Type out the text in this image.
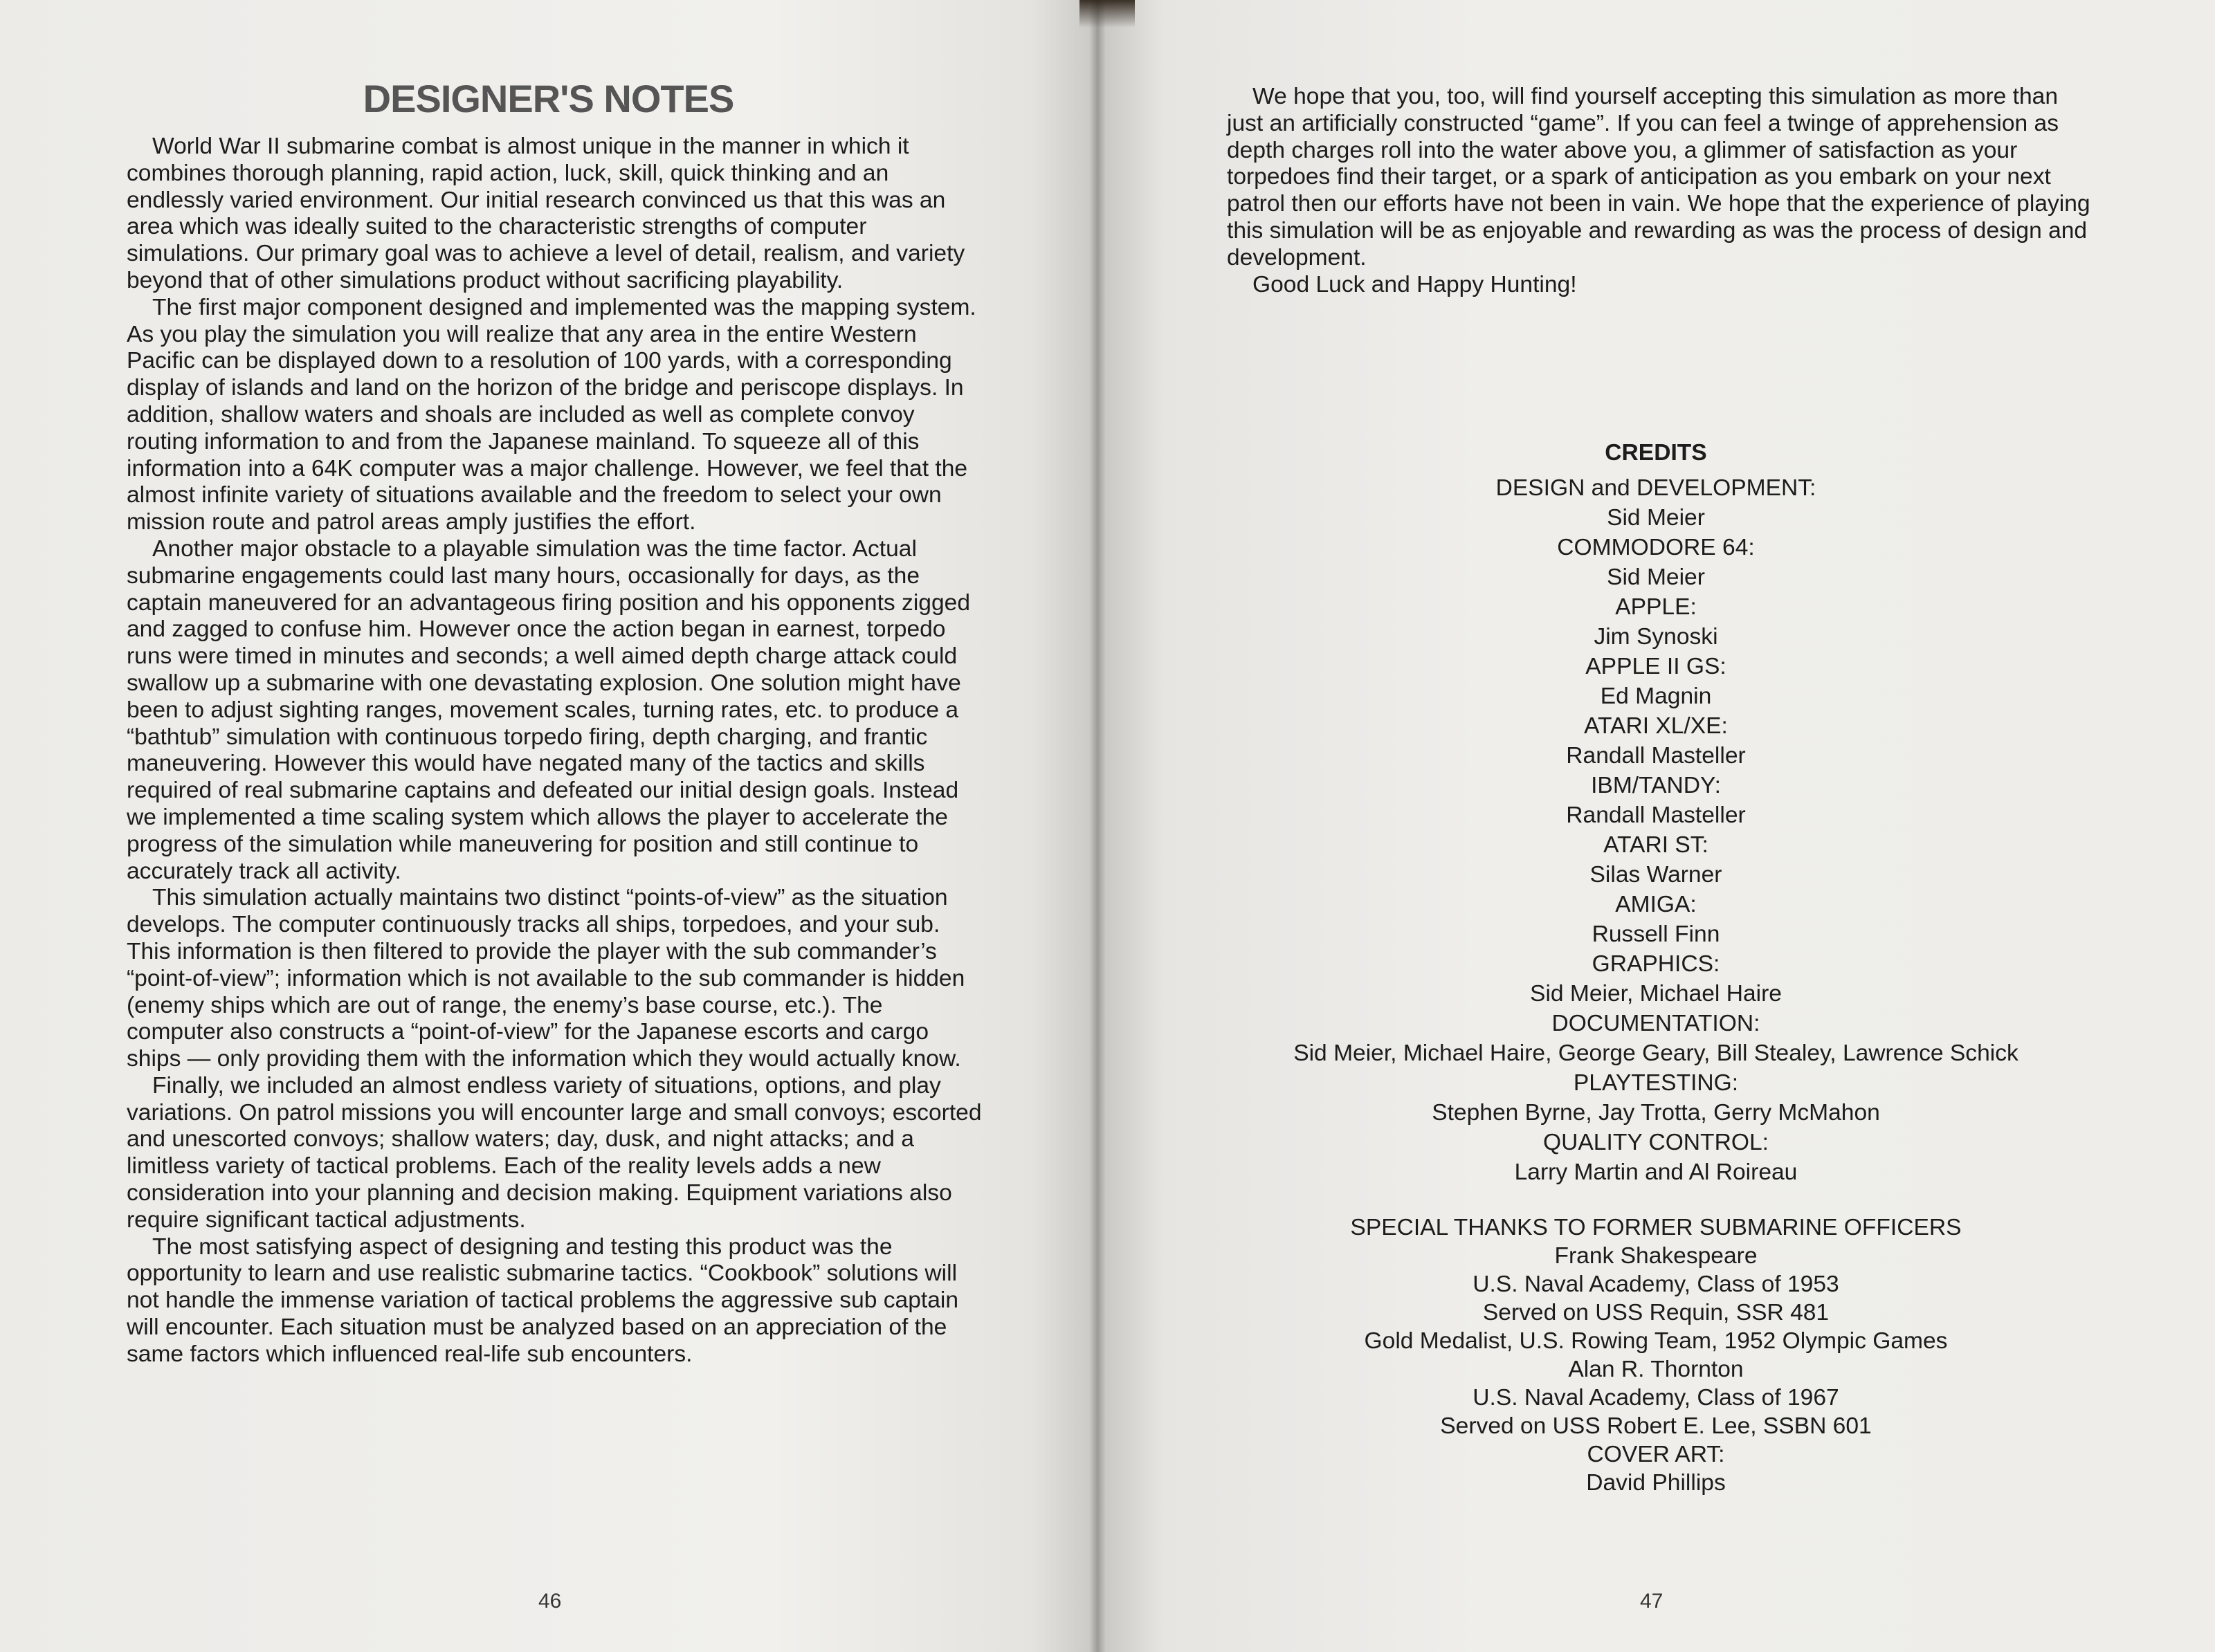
DESIGNER'S NOTES

World War II submarine combat is almost unique in the manner in which it combines thorough planning, rapid action, luck, skill, quick thinking and an endlessly varied environment. Our initial research convinced us that this was an area which was ideally suited to the characteristic strengths of computer simulations. Our primary goal was to achieve a level of detail, realism, and variety beyond that of other simulations product without sacrificing playability.

The first major component designed and implemented was the mapping system. As you play the simulation you will realize that any area in the entire Western Pacific can be displayed down to a resolution of 100 yards, with a corresponding display of islands and land on the horizon of the bridge and periscope displays. In addition, shallow waters and shoals are included as well as complete convoy routing information to and from the Japanese mainland. To squeeze all of this information into a 64K computer was a major challenge. However, we feel that the almost infinite variety of situations available and the freedom to select your own mission route and patrol areas amply justifies the effort.

Another major obstacle to a playable simulation was the time factor. Actual submarine engagements could last many hours, occasionally for days, as the captain maneuvered for an advantageous firing position and his opponents zigged and zagged to confuse him. However once the action began in earnest, torpedo runs were timed in minutes and seconds; a well aimed depth charge attack could swallow up a submarine with one devastating explosion. One solution might have been to adjust sighting ranges, movement scales, turning rates, etc. to produce a “bathtub” simulation with continuous torpedo firing, depth charging, and frantic maneuvering. However this would have negated many of the tactics and skills required of real submarine captains and defeated our initial design goals. Instead we implemented a time scaling system which allows the player to accelerate the progress of the simulation while maneuvering for position and still continue to accurately track all activity.

This simulation actually maintains two distinct “points-of-view” as the situation develops. The computer continuously tracks all ships, torpedoes, and your sub. This information is then filtered to provide the player with the sub commander’s “point-of-view”; information which is not available to the sub commander is hidden (enemy ships which are out of range, the enemy’s base course, etc.). The computer also constructs a “point-of-view” for the Japanese escorts and cargo ships — only providing them with the information which they would actually know.

Finally, we included an almost endless variety of situations, options, and play variations. On patrol missions you will encounter large and small convoys; escorted and unescorted convoys; shallow waters; day, dusk, and night attacks; and a limitless variety of tactical problems. Each of the reality levels adds a new consideration into your planning and decision making. Equipment variations also require significant tactical adjustments.

The most satisfying aspect of designing and testing this product was the opportunity to learn and use realistic submarine tactics. “Cookbook” solutions will not handle the immense variation of tactical problems the aggressive sub captain will encounter. Each situation must be analyzed based on an appreciation of the same factors which influenced real-life sub encounters.

We hope that you, too, will find yourself accepting this simulation as more than just an artificially constructed “game”. If you can feel a twinge of apprehension as depth charges roll into the water above you, a glimmer of satisfaction as your torpedoes find their target, or a spark of anticipation as you embark on your next patrol then our efforts have not been in vain. We hope that the experience of playing this simulation will be as enjoyable and rewarding as was the process of design and development.

Good Luck and Happy Hunting!

CREDITS
DESIGN and DEVELOPMENT:
Sid Meier
COMMODORE 64:
Sid Meier
APPLE:
Jim Synoski
APPLE II GS:
Ed Magnin
ATARI XL/XE:
Randall Masteller
IBM/TANDY:
Randall Masteller
ATARI ST:
Silas Warner
AMIGA:
Russell Finn
GRAPHICS:
Sid Meier, Michael Haire
DOCUMENTATION:
Sid Meier, Michael Haire, George Geary, Bill Stealey, Lawrence Schick
PLAYTESTING:
Stephen Byrne, Jay Trotta, Gerry McMahon
QUALITY CONTROL:
Larry Martin and Al Roireau
SPECIAL THANKS TO FORMER SUBMARINE OFFICERS
Frank Shakespeare
U.S. Naval Academy, Class of 1953
Served on USS Requin, SSR 481
Gold Medalist, U.S. Rowing Team, 1952 Olympic Games
Alan R. Thornton
U.S. Naval Academy, Class of 1967
Served on USS Robert E. Lee, SSBN 601
COVER ART:
David Phillips
46	47
